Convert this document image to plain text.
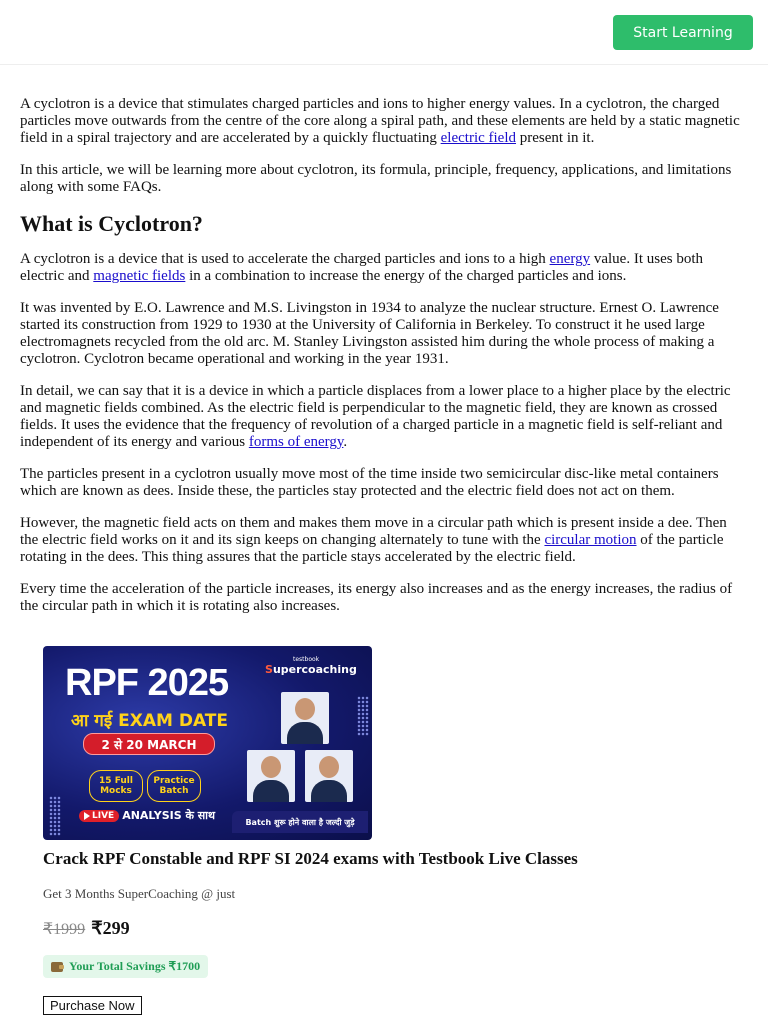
Start Learning

A cyclotron is a device that stimulates charged particles and ions to higher energy values. In a cyclotron, the charged particles move outwards from the centre of the core along a spiral path, and these elements are held by a static magnetic field in a spiral trajectory and are accelerated by a quickly fluctuating electric field present in it.

In this article, we will be learning more about cyclotron, its formula, principle, frequency, applications, and limitations along with some FAQs.

What is Cyclotron?

A cyclotron is a device that is used to accelerate the charged particles and ions to a high energy value. It uses both electric and magnetic fields in a combination to increase the energy of the charged particles and ions.

It was invented by E.O. Lawrence and M.S. Livingston in 1934 to analyze the nuclear structure. Ernest O. Lawrence started its construction from 1929 to 1930 at the University of California in Berkeley. To construct it he used large electromagnets recycled from the old arc. M. Stanley Livingston assisted him during the whole process of making a cyclotron. Cyclotron became operational and working in the year 1931.

In detail, we can say that it is a device in which a particle displaces from a lower place to a higher place by the electric and magnetic fields combined. As the electric field is perpendicular to the magnetic field, they are known as crossed fields. It uses the evidence that the frequency of revolution of a charged particle in a magnetic field is self-reliant and independent of its energy and various forms of energy.

The particles present in a cyclotron usually move most of the time inside two semicircular disc-like metal containers which are known as dees. Inside these, the particles stay protected and the electric field does not act on them.

However, the magnetic field acts on them and makes them move in a circular path which is present inside a dee. Then the electric field works on it and its sign keeps on changing alternately to tune with the circular motion of the particle rotating in the dees. This thing assures that the particle stays accelerated by the electric field.

Every time the acceleration of the particle increases, its energy also increases and as the energy increases, the radius of the circular path in which it is rotating also increases.

RPF 2025
आ गई EXAM DATE
2 से 20 MARCH
15 Full Mocks
Practice Batch
LIVE ANALYSIS के साथ
testbook
Supercoaching
Batch शुरू होने वाला है जल्दी जुड़े
Crack RPF Constable and RPF SI 2024 exams with Testbook Live Classes
Get 3 Months SuperCoaching @ just
₹1999 ₹299
Your Total Savings ₹1700
Purchase Now
